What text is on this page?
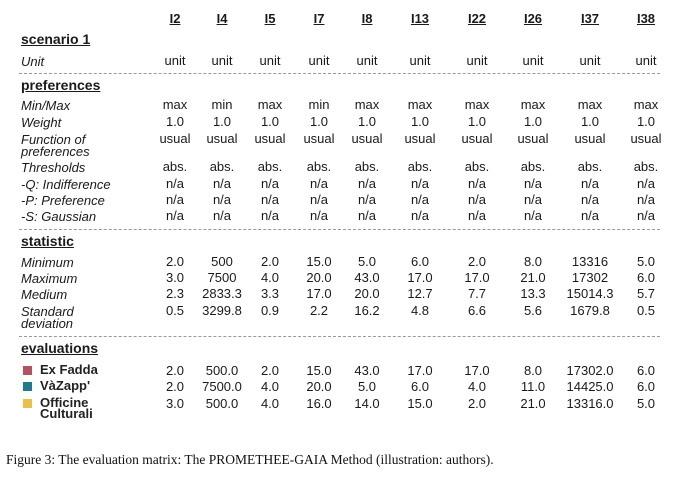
I2	I4	I5	I7	I8	I13	I22	I26	I37	I38
scenario 1
Unit	unit	unit	unit	unit	unit	unit	unit	unit	unit	unit
preferences
Min/Max	max	min	max	min	max	max	max	max	max	max
Weight	1.0	1.0	1.0	1.0	1.0	1.0	1.0	1.0	1.0	1.0
Function of
preferences
usual	usual	usual	usual	usual	usual	usual	usual	usual	usual
Thresholds	abs.	abs.	abs.	abs.	abs.	abs.	abs.	abs.	abs.	abs.
-Q: Indifference	n/a	n/a	n/a	n/a	n/a	n/a	n/a	n/a	n/a	n/a
-P: Preference	n/a	n/a	n/a	n/a	n/a	n/a	n/a	n/a	n/a	n/a
-S: Gaussian	n/a	n/a	n/a	n/a	n/a	n/a	n/a	n/a	n/a	n/a
statistic
Minimum	2.0	500	2.0	15.0	5.0	6.0	2.0	8.0	13316	5.0
Maximum	3.0	7500	4.0	20.0	43.0	17.0	17.0	21.0	17302	6.0
Medium	2.3	2833.3	3.3	17.0	20.0	12.7	7.7	13.3	15014.3	5.7
Standard
deviation
0.5	3299.8	0.9	2.2	16.2	4.8	6.6	5.6	1679.8	0.5
evaluations
Ex Fadda	2.0	500.0	2.0	15.0	43.0	17.0	17.0	8.0	17302.0	6.0
VàZapp'	2.0	7500.0	4.0	20.0	5.0	6.0	4.0	11.0	14425.0	6.0
Officine
Culturali
3.0	500.0	4.0	16.0	14.0	15.0	2.0	21.0	13316.0	5.0
Figure 3: The evaluation matrix: The PROMETHEE-GAIA Method (illustration: authors).
